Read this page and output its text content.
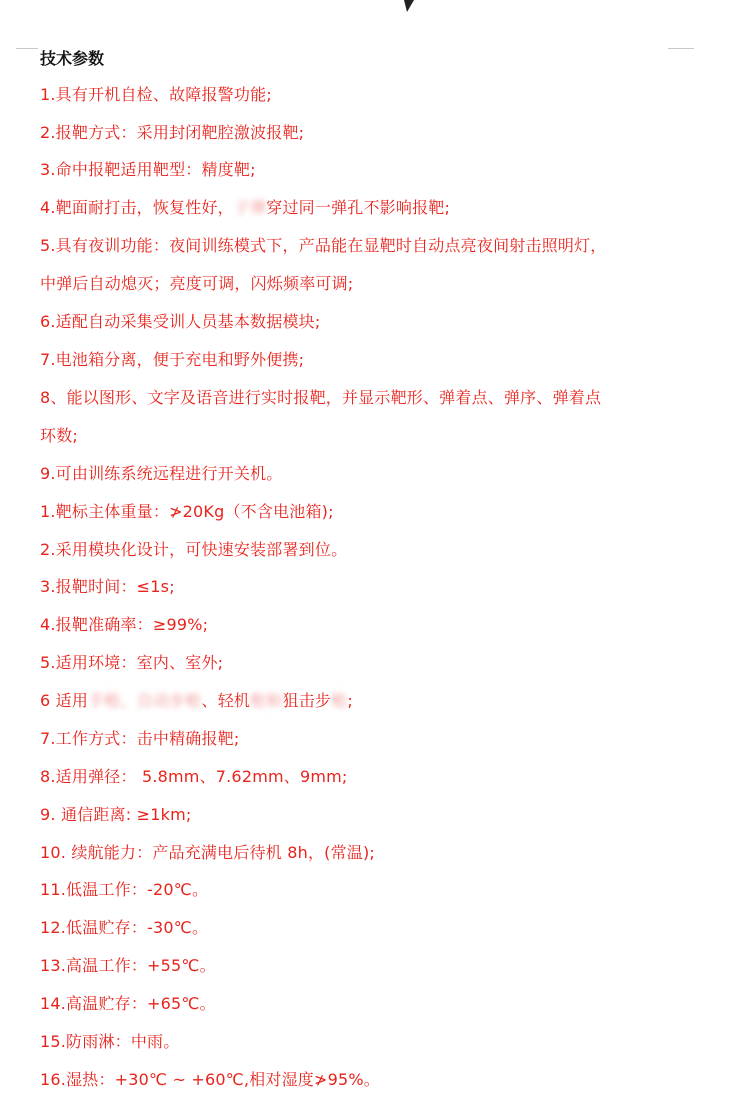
技术参数
1.具有开机自检、故障报警功能;
2.报靶方式：采用封闭靶腔激波报靶;
3.命中报靶适用靶型：精度靶;
4.靶面耐打击，恢复性好，子弹穿过同一弹孔不影响报靶;
5.具有夜训功能：夜间训练模式下，产品能在显靶时自动点亮夜间射击照明灯，
中弹后自动熄灭；亮度可调，闪烁频率可调;
6.适配自动采集受训人员基本数据模块;
7.电池箱分离，便于充电和野外便携;
8、能以图形、文字及语音进行实时报靶，并显示靶形、弹着点、弹序、弹着点
环数;
9.可由训练系统远程进行开关机。
1.靶标主体重量：≯20Kg（不含电池箱);
2.采用模块化设计，可快速安装部署到位。
3.报靶时间：≤1s;
4.报靶准确率：≥99%;
5.适用环境：室内、室外;
6 适用手枪、自动步枪、轻机枪和狙击步枪;
7.工作方式：击中精确报靶;
8.适用弹径： 5.8mm、7.62mm、9mm;
9. 通信距离: ≥1km;
10. 续航能力：产品充满电后待机 8h，(常温);
11.低温工作：-20℃。
12.低温贮存：-30℃。
13.高温工作：+55℃。
14.高温贮存：+65℃。
15.防雨淋：中雨。
16.湿热：+30℃ ~ +60℃,相对湿度≯95%。
